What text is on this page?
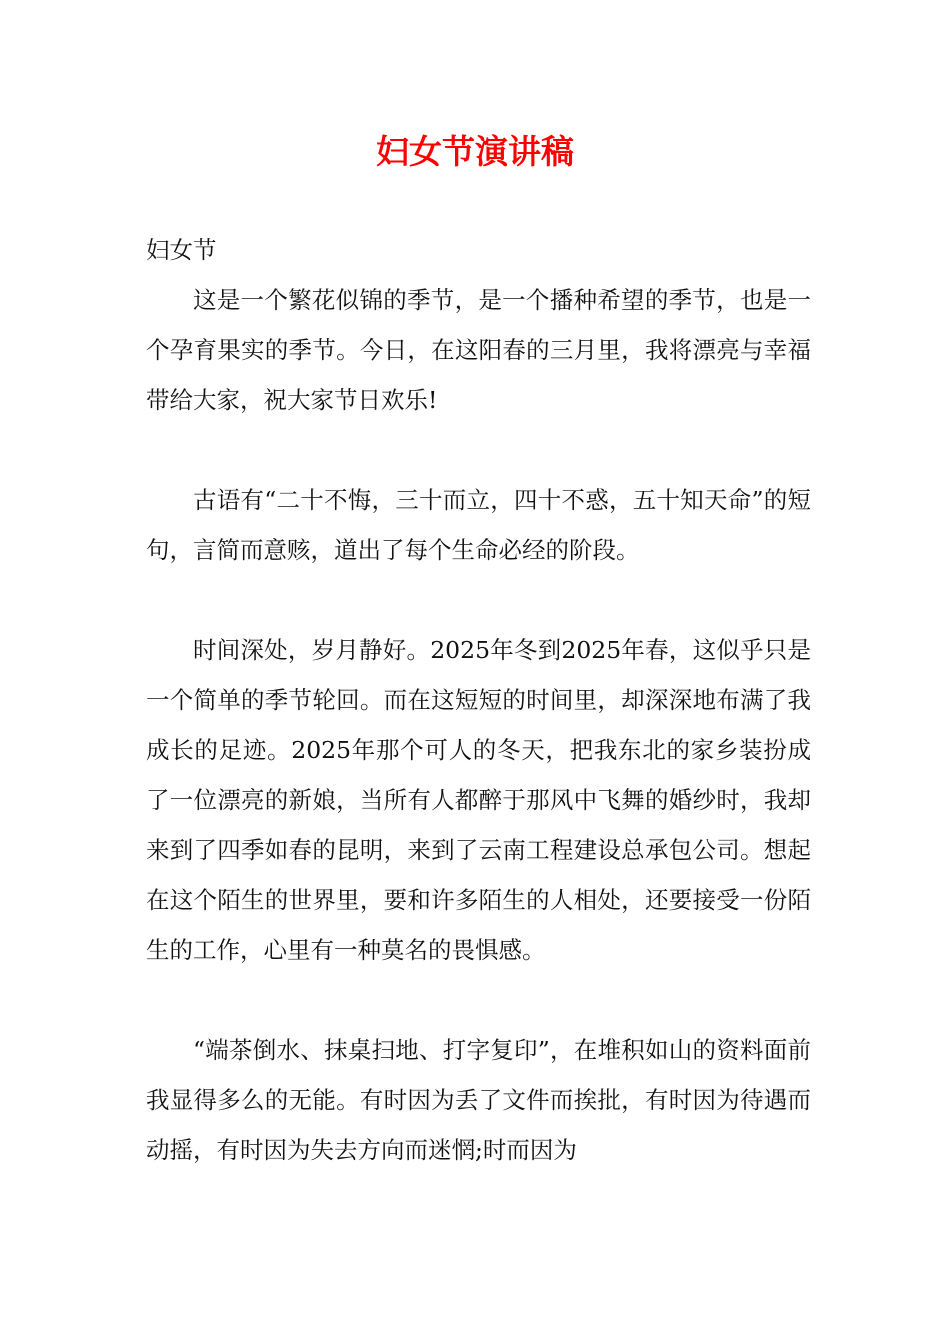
妇女节演讲稿

妇女节

这是一个繁花似锦的季节，是一个播种希望的季节，也是一个孕育果实的季节。今日，在这阳春的三月里，我将漂亮与幸福带给大家，祝大家节日欢乐!

古语有“二十不悔，三十而立，四十不惑，五十知天命”的短句，言简而意赅，道出了每个生命必经的阶段。

时间深处，岁月静好。2025年冬到2025年春，这似乎只是一个简单的季节轮回。而在这短短的时间里，却深深地布满了我成长的足迹。2025年那个可人的冬天，把我东北的家乡装扮成了一位漂亮的新娘，当所有人都醉于那风中飞舞的婚纱时，我却来到了四季如春的昆明，来到了云南工程建设总承包公司。想起在这个陌生的世界里，要和许多陌生的人相处，还要接受一份陌生的工作，心里有一种莫名的畏惧感。

“端茶倒水、抹桌扫地、打字复印”，在堆积如山的资料面前我显得多么的无能。有时因为丢了文件而挨批，有时因为待遇而动摇，有时因为失去方向而迷惘;时而因为
